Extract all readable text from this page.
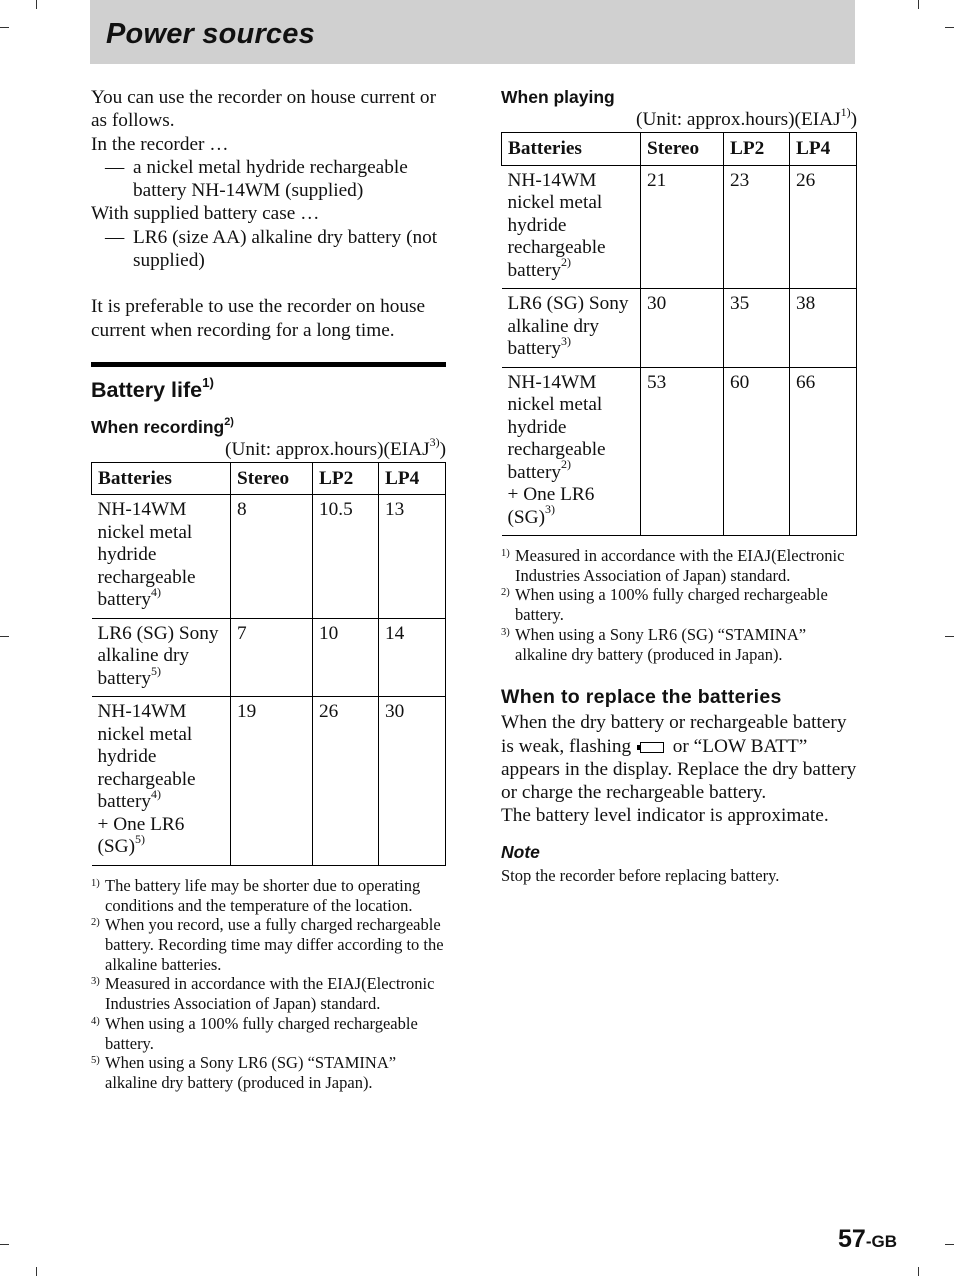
Power sources

You can use the recorder on house current or as follows.

In the recorder …

— a nickel metal hydride rechargeable battery NH-14WM (supplied)

With supplied battery case …

— LR6 (size AA) alkaline dry battery (not supplied)

It is preferable to use the recorder on house current when recording for a long time.

Battery life$^{1)}$
When recording$^{2)}$
(Unit: approx.hours)(EIAJ$^{3)}$)
Batteries	Stereo	LP2	LP4
NH-14WM nickel metal hydride rechargeable battery$^{4)}$	8	10.5	13
LR6 (SG) Sony alkaline dry battery$^{5)}$	7	10	14
NH-14WM nickel metal hydride rechargeable battery$^{4)}$
+ One LR6 (SG)$^{5)}$	19	26	30
1) The battery life may be shorter due to operating conditions and the temperature of the location.
2) When you record, use a fully charged rechargeable battery. Recording time may differ according to the alkaline batteries.
3) Measured in accordance with the EIAJ(Electronic Industries Association of Japan) standard.
4) When using a 100% fully charged rechargeable battery.
5) When using a Sony LR6 (SG) “STAMINA” alkaline dry battery (produced in Japan).
When playing
(Unit: approx.hours)(EIAJ$^{1)}$)
Batteries	Stereo	LP2	LP4
NH-14WM nickel metal hydride rechargeable battery$^{2)}$	21	23	26
LR6 (SG) Sony alkaline dry battery$^{3)}$	30	35	38
NH-14WM nickel metal hydride rechargeable battery$^{2)}$
+ One LR6 (SG)$^{3)}$	53	60	66
1) Measured in accordance with the EIAJ(Electronic Industries Association of Japan) standard.
2) When using a 100% fully charged rechargeable battery.
3) When using a Sony LR6 (SG) “STAMINA” alkaline dry battery (produced in Japan).
When to replace the batteries

When the dry battery or rechargeable battery is weak, flashing or “LOW BATT” appears in the display. Replace the dry battery or charge the rechargeable battery.

The battery level indicator is approximate.

Note
Stop the recorder before replacing battery.
57-GB
